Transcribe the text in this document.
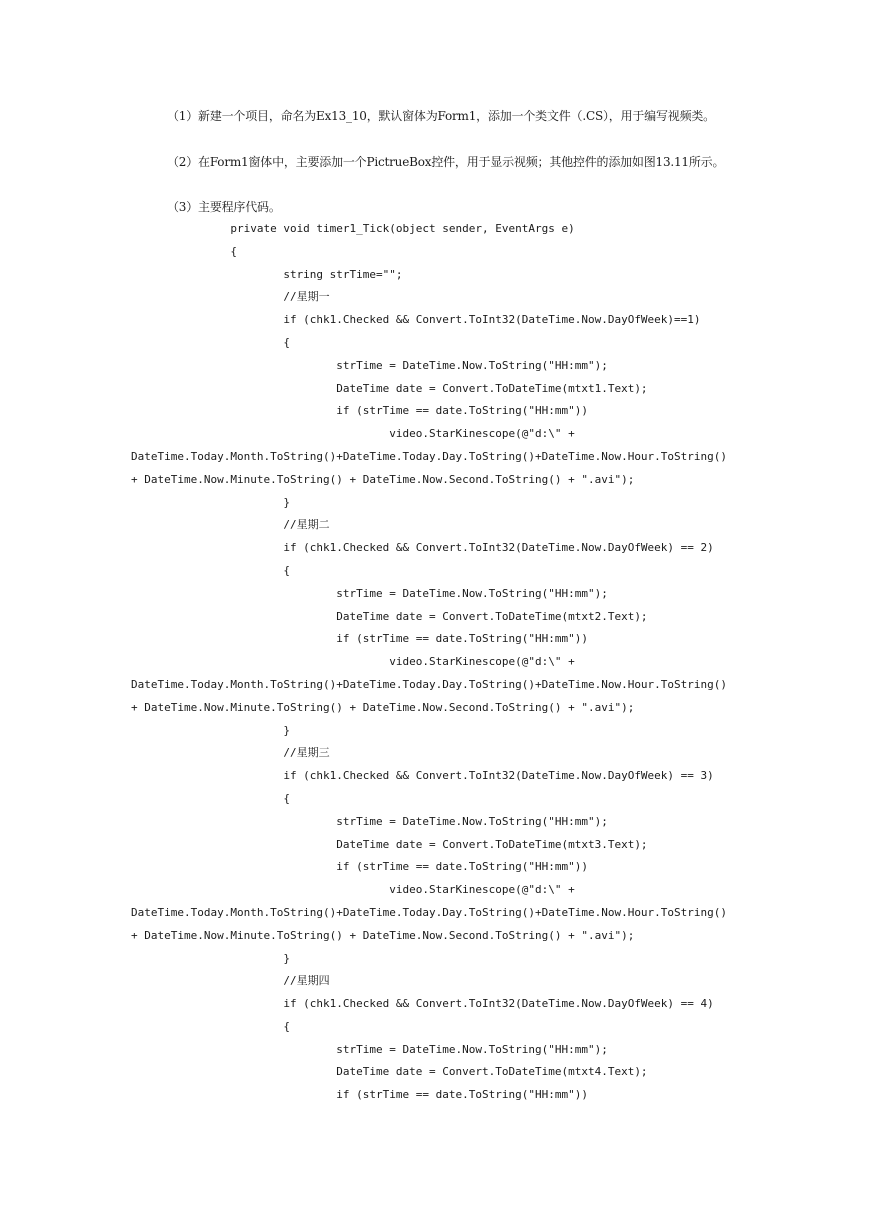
（1）新建一个项目，命名为Ex13_10，默认窗体为Form1，添加一个类文件（.CS），用于编写视频类。

（2）在Form1窗体中，主要添加一个PictrueBox控件，用于显示视频；其他控件的添加如图13.11所示。

（3）主要程序代码。

private void timer1_Tick(object sender, EventArgs e)
{
string strTime="";
//星期一
if (chk1.Checked && Convert.ToInt32(DateTime.Now.DayOfWeek)==1)
{
strTime = DateTime.Now.ToString("HH:mm");
DateTime date = Convert.ToDateTime(mtxt1.Text);
if (strTime == date.ToString("HH:mm"))
video.StarKinescope(@"d:\" +
DateTime.Today.Month.ToString()+DateTime.Today.Day.ToString()+DateTime.Now.Hour.ToString()
+ DateTime.Now.Minute.ToString() + DateTime.Now.Second.ToString() + ".avi");
}
//星期二
if (chk1.Checked && Convert.ToInt32(DateTime.Now.DayOfWeek) == 2)
{
strTime = DateTime.Now.ToString("HH:mm");
DateTime date = Convert.ToDateTime(mtxt2.Text);
if (strTime == date.ToString("HH:mm"))
video.StarKinescope(@"d:\" +
DateTime.Today.Month.ToString()+DateTime.Today.Day.ToString()+DateTime.Now.Hour.ToString()
+ DateTime.Now.Minute.ToString() + DateTime.Now.Second.ToString() + ".avi");
}
//星期三
if (chk1.Checked && Convert.ToInt32(DateTime.Now.DayOfWeek) == 3)
{
strTime = DateTime.Now.ToString("HH:mm");
DateTime date = Convert.ToDateTime(mtxt3.Text);
if (strTime == date.ToString("HH:mm"))
video.StarKinescope(@"d:\" +
DateTime.Today.Month.ToString()+DateTime.Today.Day.ToString()+DateTime.Now.Hour.ToString()
+ DateTime.Now.Minute.ToString() + DateTime.Now.Second.ToString() + ".avi");
}
//星期四
if (chk1.Checked && Convert.ToInt32(DateTime.Now.DayOfWeek) == 4)
{
strTime = DateTime.Now.ToString("HH:mm");
DateTime date = Convert.ToDateTime(mtxt4.Text);
if (strTime == date.ToString("HH:mm"))
